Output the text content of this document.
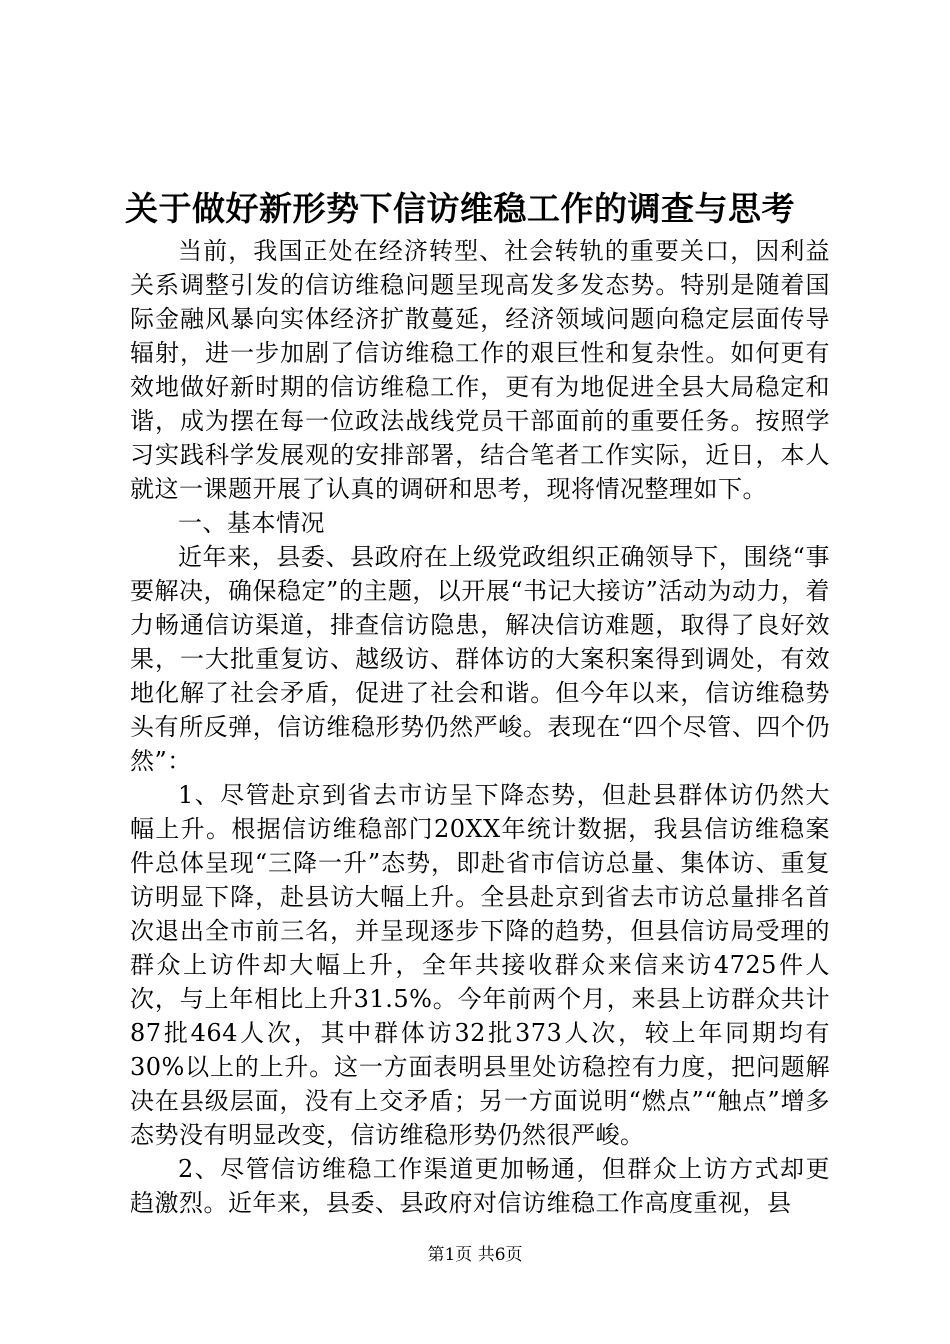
关于做好新形势下信访维稳工作的调查与思考

当前，我国正处在经济转型、社会转轨的重要关口，因利益关系调整引发的信访维稳问题呈现高发多发态势。特别是随着国际金融风暴向实体经济扩散蔓延，经济领域问题向稳定层面传导辐射，进一步加剧了信访维稳工作的艰巨性和复杂性。如何更有效地做好新时期的信访维稳工作，更有为地促进全县大局稳定和谐，成为摆在每一位政法战线党员干部面前的重要任务。按照学习实践科学发展观的安排部署，结合笔者工作实际，近日，本人就这一课题开展了认真的调研和思考，现将情况整理如下。

一、基本情况

近年来，县委、县政府在上级党政组织正确领导下，围绕“事要解决，确保稳定”的主题，以开展“书记大接访”活动为动力，着力畅通信访渠道，排查信访隐患，解决信访难题，取得了良好效果，一大批重复访、越级访、群体访的大案积案得到调处，有效地化解了社会矛盾，促进了社会和谐。但今年以来，信访维稳势头有所反弹，信访维稳形势仍然严峻。表现在“四个尽管、四个仍然”：

1、尽管赴京到省去市访呈下降态势，但赴县群体访仍然大幅上升。根据信访维稳部门20XX年统计数据，我县信访维稳案件总体呈现“三降一升”态势，即赴省市信访总量、集体访、重复访明显下降，赴县访大幅上升。全县赴京到省去市访总量排名首次退出全市前三名，并呈现逐步下降的趋势，但县信访局受理的群众上访件却大幅上升，全年共接收群众来信来访4725件人次，与上年相比上升31.5%。今年前两个月，来县上访群众共计87批464人次，其中群体访32批373人次，较上年同期均有30%以上的上升。这一方面表明县里处访稳控有力度，把问题解决在县级层面，没有上交矛盾；另一方面说明“燃点”“触点”增多态势没有明显改变，信访维稳形势仍然很严峻。

2、尽管信访维稳工作渠道更加畅通，但群众上访方式却更趋激烈。近年来，县委、县政府对信访维稳工作高度重视，县

第1页 共6页
